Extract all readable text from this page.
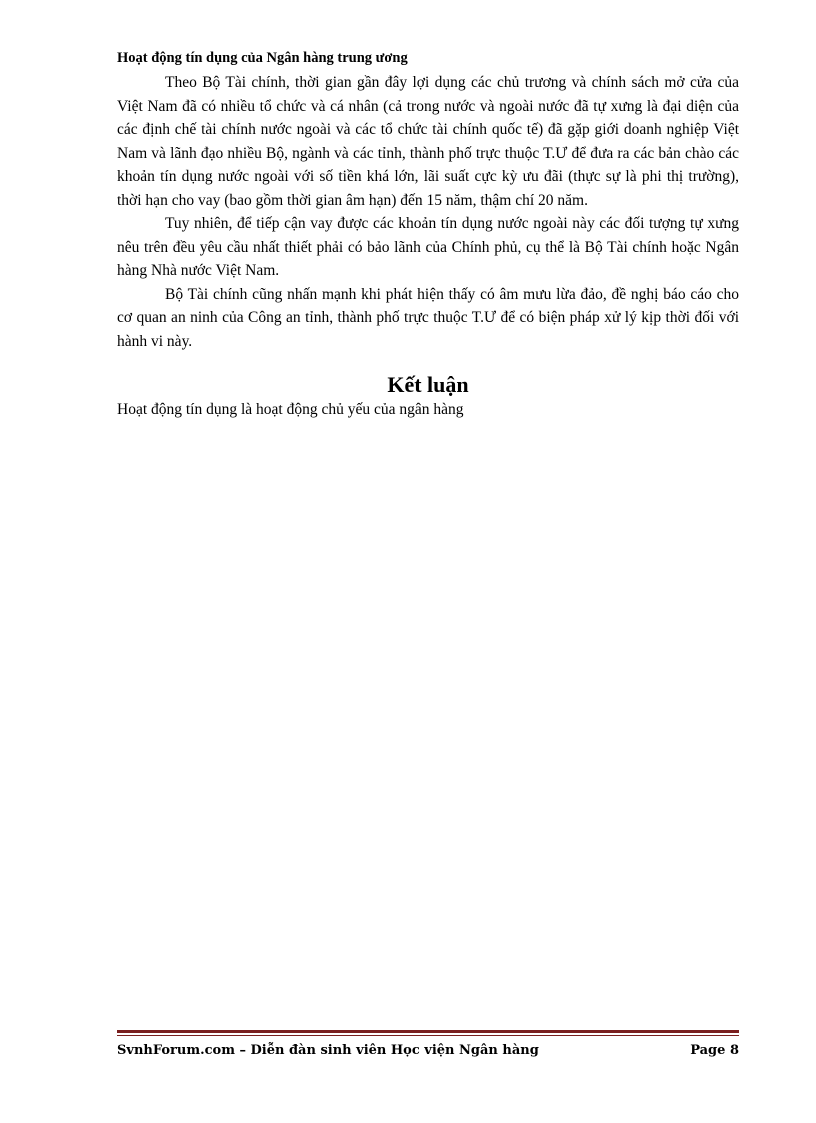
Hoạt động tín dụng của Ngân hàng trung ương

Theo Bộ Tài chính, thời gian gần đây lợi dụng các chủ trương và chính sách mở cửa của Việt Nam đã có nhiều tổ chức và cá nhân (cả trong nước và ngoài nước đã tự xưng là đại diện của các định chế tài chính nước ngoài và các tổ chức tài chính quốc tế) đã gặp giới doanh nghiệp Việt Nam và lãnh đạo nhiều Bộ, ngành và các tỉnh, thành phố trực thuộc T.Ư để đưa ra các bản chào các khoản tín dụng nước ngoài với số tiền khá lớn, lãi suất cực kỳ ưu đãi (thực sự là phi thị trường), thời hạn cho vay (bao gồm thời gian âm hạn) đến 15 năm, thậm chí 20 năm.

Tuy nhiên, để tiếp cận vay được các khoản tín dụng nước ngoài này các đối tượng tự xưng nêu trên đều yêu cầu nhất thiết phải có bảo lãnh của Chính phủ, cụ thể là Bộ Tài chính hoặc Ngân hàng Nhà nước Việt Nam.

Bộ Tài chính cũng nhấn mạnh khi phát hiện thấy có âm mưu lừa đảo, đề nghị báo cáo cho cơ quan an ninh của Công an tỉnh, thành phố trực thuộc T.Ư để có biện pháp xử lý kịp thời đối với hành vi này.

Kết luận

Hoạt động tín dụng là hoạt động chủ yếu của ngân hàng

SvnhForum.com – Diễn đàn sinh viên Học viện Ngân hàng	Page 8
